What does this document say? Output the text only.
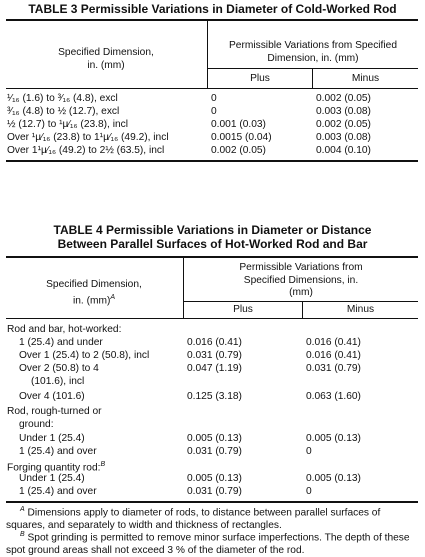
TABLE 3 Permissible Variations in Diameter of Cold-Worked Rod
Specified Dimension,
in. (mm)
Permissible Variations from Specified
Dimension, in. (mm)
Plus	Minus
¹⁄₁₆ (1.6) to ³⁄₁₆ (4.8), excl	0	0.002 (0.05)
³⁄₁₆ (4.8) to ½ (12.7), excl	0	0.003 (0.08)
½ (12.7) to ¹µ⁄₁₆ (23.8), incl	0.001 (0.03)	0.002 (0.05)
Over ¹µ⁄₁₆ (23.8) to 1¹µ⁄₁₆ (49.2), incl	0.0015 (0.04)	0.003 (0.08)
Over 1¹µ⁄₁₆ (49.2) to 2½ (63.5), incl	0.002 (0.05)	0.004 (0.10)
TABLE 4 Permissible Variations in Diameter or Distance
Between Parallel Surfaces of Hot-Worked Rod and Bar
Specified Dimension,
in. (mm)$^A$
Permissible Variations from
Specified Dimensions, in.
(mm)
Plus	Minus
Rod and bar, hot-worked:
1 (25.4) and under	0.016 (0.41)	0.016 (0.41)
Over 1 (25.4) to 2 (50.8), incl	0.031 (0.79)	0.016 (0.41)
Over 2 (50.8) to 4	0.047 (1.19)	0.031 (0.79)
(101.6), incl
Over 4 (101.6)	0.125 (3.18)	0.063 (1.60)
Rod, rough-turned or
ground:
Under 1 (25.4)	0.005 (0.13)	0.005 (0.13)
1 (25.4) and over	0.031 (0.79)	0
Forging quantity rod:$^B$
Under 1 (25.4)	0.005 (0.13)	0.005 (0.13)
1 (25.4) and over	0.031 (0.79)	0
$^A$ Dimensions apply to diameter of rods, to distance between parallel surfaces of squares, and separately to width and thickness of rectangles.
$^B$ Spot grinding is permitted to remove minor surface imperfections. The depth of these spot ground areas shall not exceed 3 % of the diameter of the rod.
